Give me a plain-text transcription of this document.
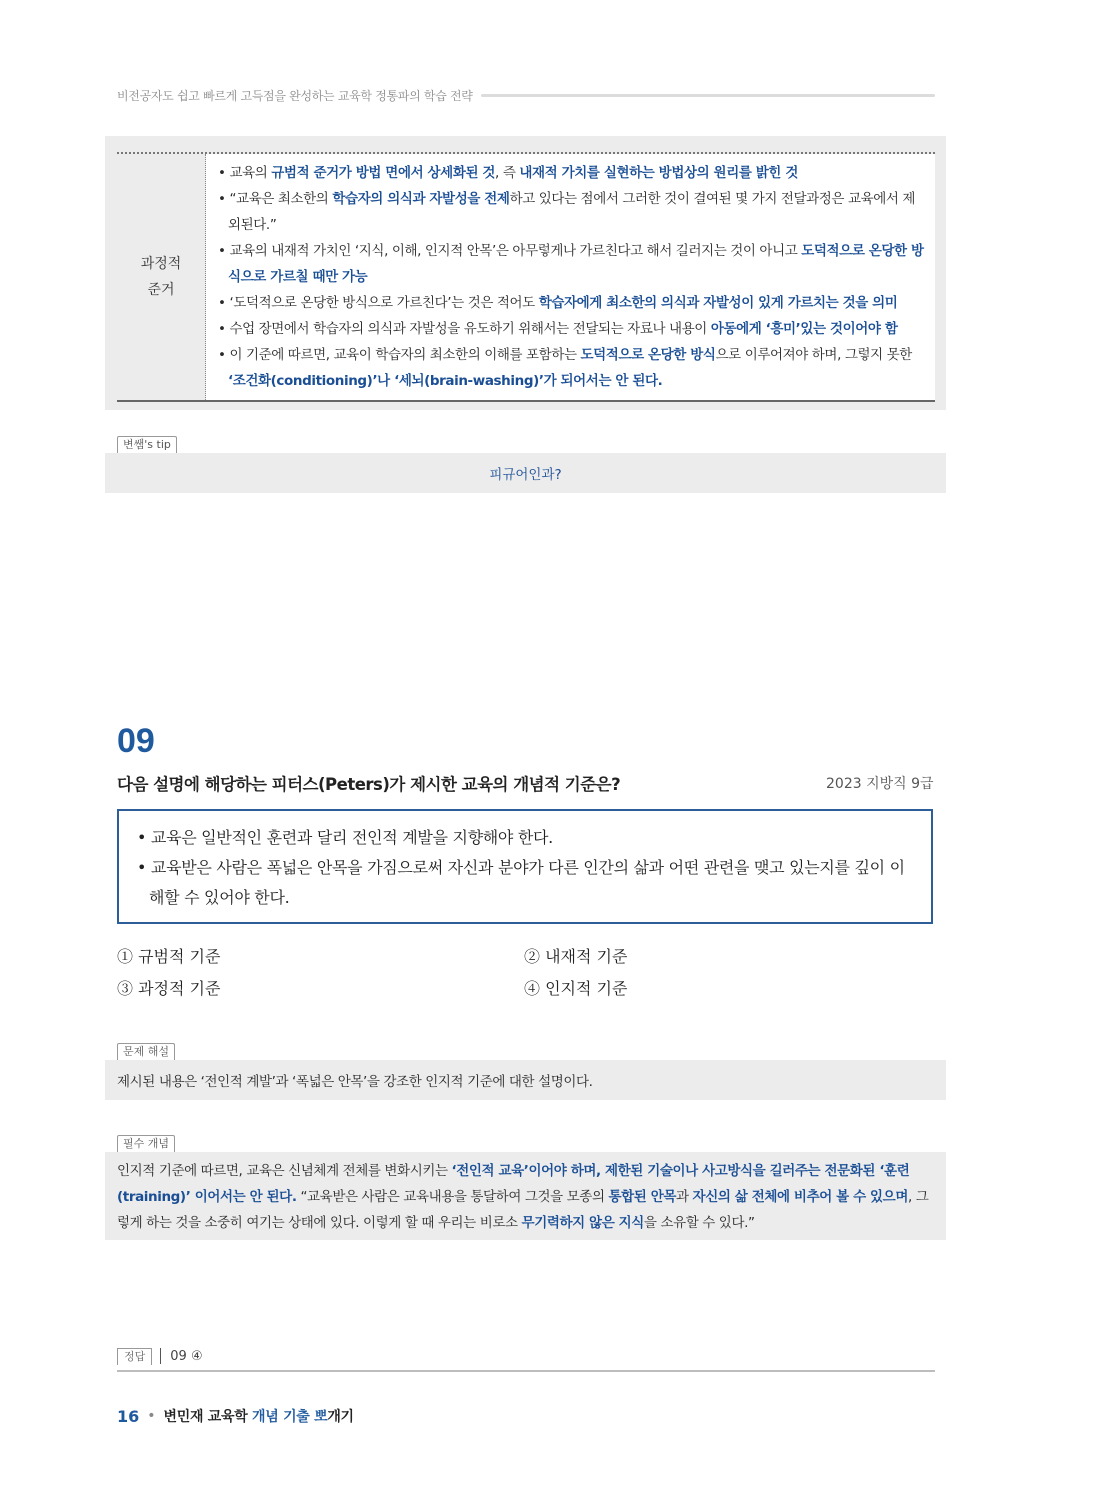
비전공자도 쉽고 빠르게 고득점을 완성하는 교육학 정통파의 학습 전략
과정적
준거
• 교육의 규범적 준거가 방법 면에서 상세화된 것, 즉 내재적 가치를 실현하는 방법상의 원리를 밝힌 것
• “교육은 최소한의 학습자의 의식과 자발성을 전제하고 있다는 점에서 그러한 것이 결여된 몇 가지 전달과정은 교육에서 제외된다.”
• 교육의 내재적 가치인 ‘지식, 이해, 인지적 안목’은 아무렇게나 가르친다고 해서 길러지는 것이 아니고 도덕적으로 온당한 방식으로 가르칠 때만 가능
• ‘도덕적으로 온당한 방식으로 가르친다’는 것은 적어도 학습자에게 최소한의 의식과 자발성이 있게 가르치는 것을 의미
• 수업 장면에서 학습자의 의식과 자발성을 유도하기 위해서는 전달되는 자료나 내용이 아동에게 ‘흥미’있는 것이어야 함
• 이 기준에 따르면, 교육이 학습자의 최소한의 이해를 포함하는 도덕적으로 온당한 방식으로 이루어져야 하며, 그렇지 못한 ‘조건화(conditioning)’나 ‘세뇌(brain-washing)’가 되어서는 안 된다.
변쌤's tip
피규어인과?
09
다음 설명에 해당하는 피터스(Peters)가 제시한 교육의 개념적 기준은?	2023 지방직 9급
• 교육은 일반적인 훈련과 달리 전인적 계발을 지향해야 한다.
• 교육받은 사람은 폭넓은 안목을 가짐으로써 자신과 분야가 다른 인간의 삶과 어떤 관련을 맺고 있는지를 깊이 이해할 수 있어야 한다.
① 규범적 기준	② 내재적 기준
③ 과정적 기준	④ 인지적 기준
문제 해설
제시된 내용은 ‘전인적 계발’과 ‘폭넓은 안목’을 강조한 인지적 기준에 대한 설명이다.
필수 개념
인지적 기준에 따르면, 교육은 신념체계 전체를 변화시키는 ‘전인적 교육’이어야 하며, 제한된 기술이나 사고방식을 길러주는 전문화된 ‘훈련(training)’ 이어서는 안 된다. “교육받은 사람은 교육내용을 통달하여 그것을 모종의 통합된 안목과 자신의 삶 전체에 비추어 볼 수 있으며, 그렇게 하는 것을 소중히 여기는 상태에 있다. 이렇게 할 때 우리는 비로소 무기력하지 않은 지식을 소유할 수 있다.”
정답	09 ④
16 • 변민재 교육학 개념 기출 뽀개기
